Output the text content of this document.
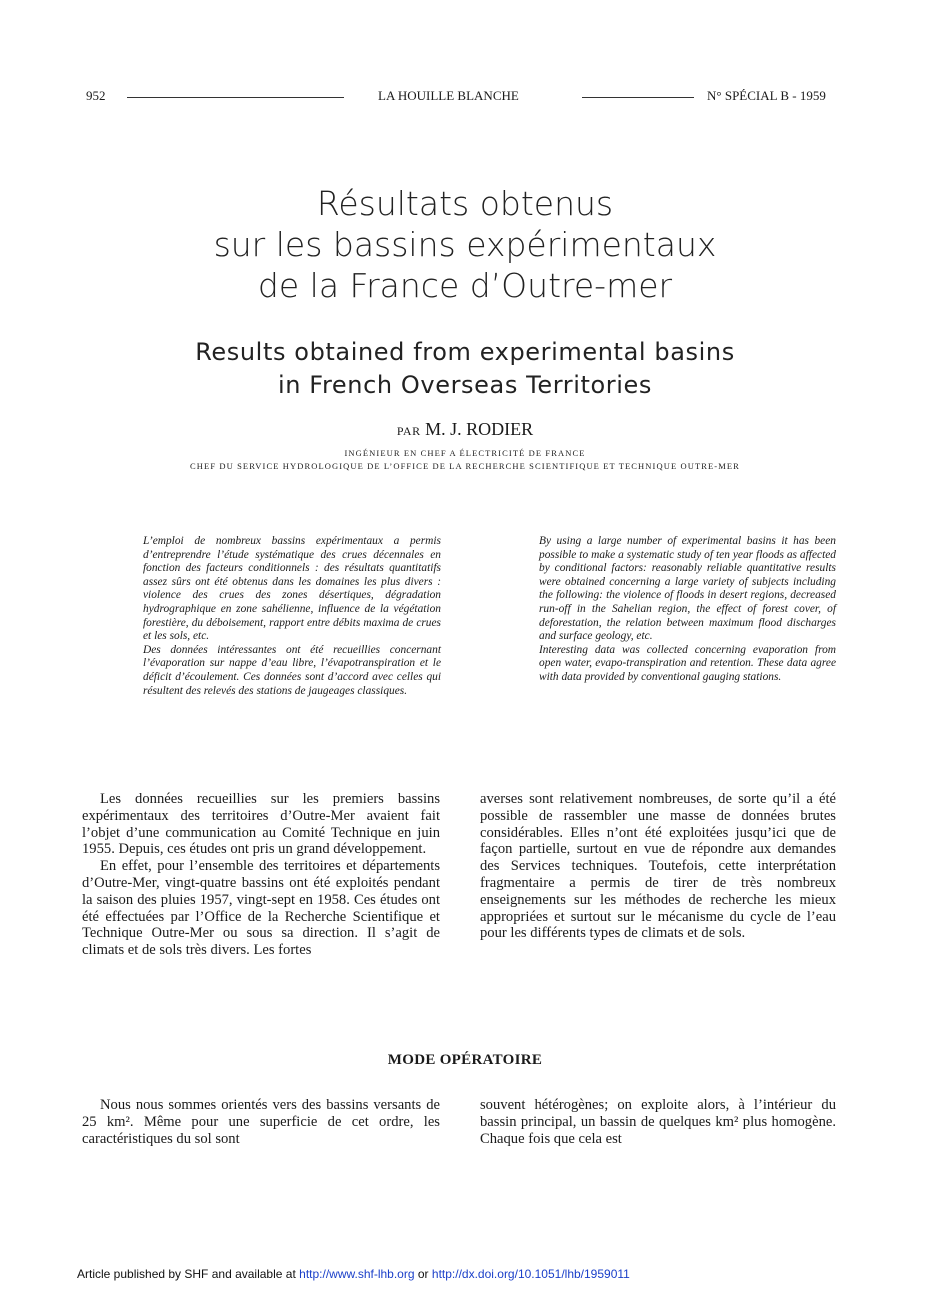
952	LA HOUILLE BLANCHE	N° SPÉCIAL B - 1959
Résultats obtenus
sur les bassins expérimentaux
de la France d’Outre-mer
Results obtained from experimental basins
in French Overseas Territories
PAR M. J. RODIER
INGÉNIEUR EN CHEF A ÉLECTRICITÉ DE FRANCE
CHEF DU SERVICE HYDROLOGIQUE DE L’OFFICE DE LA RECHERCHE SCIENTIFIQUE ET TECHNIQUE OUTRE-MER

L’emploi de nombreux bassins expérimentaux a permis d’entreprendre l’étude systématique des crues décennales en fonction des facteurs conditionnels : des résultats quantitatifs assez sûrs ont été obtenus dans les domaines les plus divers : violence des crues des zones désertiques, dégradation hydrographique en zone sahélienne, influence de la végétation forestière, du déboisement, rapport entre débits maxima de crues et les sols, etc.

Des données intéressantes ont été recueillies concernant l’évaporation sur nappe d’eau libre, l’évapotranspiration et le déficit d’écoulement. Ces données sont d’accord avec celles qui résultent des relevés des stations de jaugeages classiques.

By using a large number of experimental basins it has been possible to make a systematic study of ten year floods as affected by conditional factors: reasonably reliable quantitative results were obtained concerning a large variety of subjects including the following: the violence of floods in desert regions, decreased run-off in the Sahelian region, the effect of forest cover, of deforestation, the relation between maximum flood discharges and surface geology, etc.

Interesting data was collected concerning evaporation from open water, evapo-transpiration and retention. These data agree with data provided by conventional gauging stations.

Les données recueillies sur les premiers bassins expérimentaux des territoires d’Outre-Mer avaient fait l’objet d’une communication au Comité Technique en juin 1955. Depuis, ces études ont pris un grand développement.

En effet, pour l’ensemble des territoires et départements d’Outre-Mer, vingt-quatre bassins ont été exploités pendant la saison des pluies 1957, vingt-sept en 1958. Ces études ont été effectuées par l’Office de la Recherche Scientifique et Technique Outre-Mer ou sous sa direction. Il s’agit de climats et de sols très divers. Les fortes

averses sont relativement nombreuses, de sorte qu’il a été possible de rassembler une masse de données brutes considérables. Elles n’ont été exploitées jusqu’ici que de façon partielle, surtout en vue de répondre aux demandes des Services techniques. Toutefois, cette interprétation fragmentaire a permis de tirer de très nombreux enseignements sur les méthodes de recherche les mieux appropriées et surtout sur le mécanisme du cycle de l’eau pour les différents types de climats et de sols.

MODE OPÉRATOIRE

Nous nous sommes orientés vers des bassins versants de 25 km². Même pour une superficie de cet ordre, les caractéristiques du sol sont

souvent hétérogènes; on exploite alors, à l’intérieur du bassin principal, un bassin de quelques km² plus homogène. Chaque fois que cela est

Article published by SHF and available at http://www.shf-lhb.org or http://dx.doi.org/10.1051/lhb/1959011
